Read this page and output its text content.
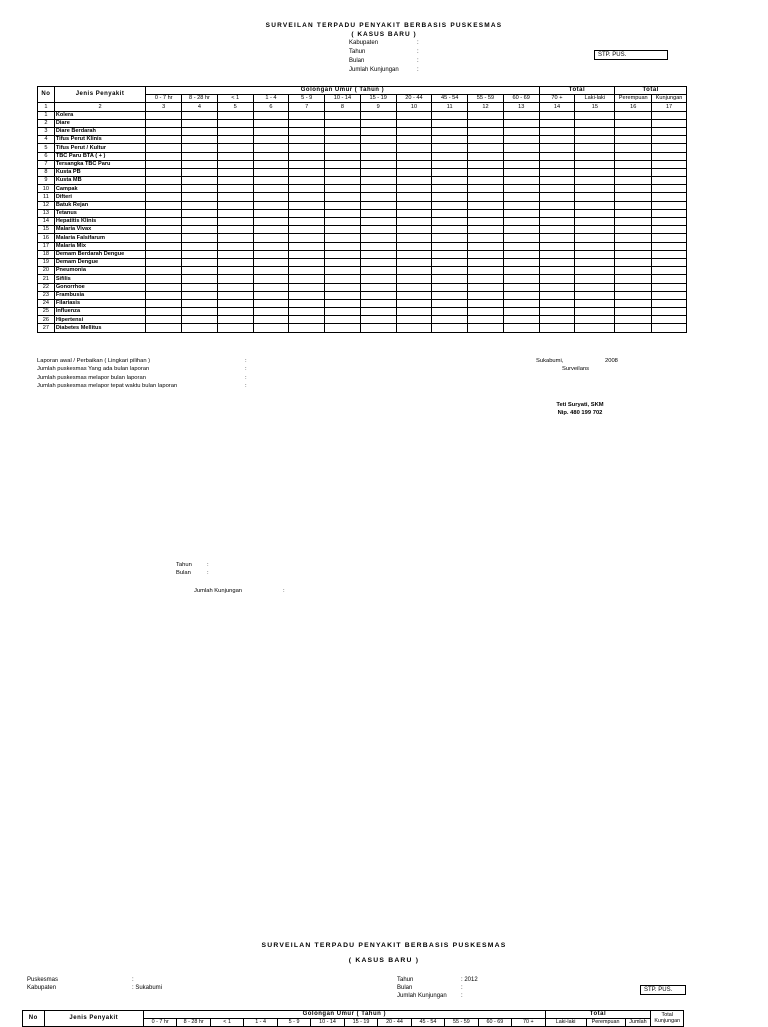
SURVEILAN TERPADU PENYAKIT BERBASIS PUSKESMAS
( KASUS BARU )
Kabupaten	:
Tahun	:
Bulan	:
Jumlah Kunjungan	:
STP. PUS.
No	Jenis Penyakit	Golongan Umur ( Tahun )											Total		Total	
		0 - 7 hr	8 - 28 hr	< 1	1 - 4	5 - 9	10 - 14	15 - 19	20 - 44	45 - 54	55 - 59	60 - 69	70 +	Laki-laki	Perempuan	Kunjungan
1	2	3	4	5	6	7	8	9	10	11	12	13	14	15	16	17
1	Kolera															
2	Diare															
3	Diare Berdarah															
4	Tifus Perut Klinis															
5	Tifus Perut / Kultur															
6	TBC Paru BTA ( + )															
7	Tersangka TBC Paru															
8	Kusta PB															
9	Kusta MB															
10	Campak															
11	Difteri															
12	Batuk Rejan															
13	Tetanus															
14	Hepatitis Klinis															
15	Malaria Vivax															
16	Malaria Falsifarum															
17	Malaria Mix															
18	Demam Berdarah Dengue															
19	Demam Dengue															
20	Pneumonia															
21	Sifilis															
22	Gonorrhoe															
23	Frambusia															
24	Filariasis															
25	Influenza															
26	Hipertensi															
27	Diabetes Mellitus															
Laporan awal / Perbaikan ( Lingkari pilihan )	:
Jumlah puskesmas Yang ada bulan laporan	:
Jumlah puskesmas melapor bulan laporan	:
Jumlah puskesmas melapor tepat waktu bulan laporan	:
Sukabumi,	2008
Surveilans
Teti Suryati, SKM
Nip. 480 199 702
Tahun	:
Bulan	:
Jumlah Kunjungan	:
SURVEILAN TERPADU PENYAKIT BERBASIS PUSKESMAS
( KASUS BARU )
Puskesmas	:
Kabupaten	: Sukabumi
Tahun	: 2012
Bulan	:
Jumlah Kunjungan :
STP. PUS.
No	Jenis Penyakit	Golongan Umur ( Tahun )												Total			Total Kunjungan
		0 - 7 hr	8 - 28 hr	< 1	1 - 4	5 - 9	10 - 14	15 - 19	20 - 44	45 - 54	55 - 59	60 - 69	70 +	Laki-laki	Perempuan	Jumlah	
